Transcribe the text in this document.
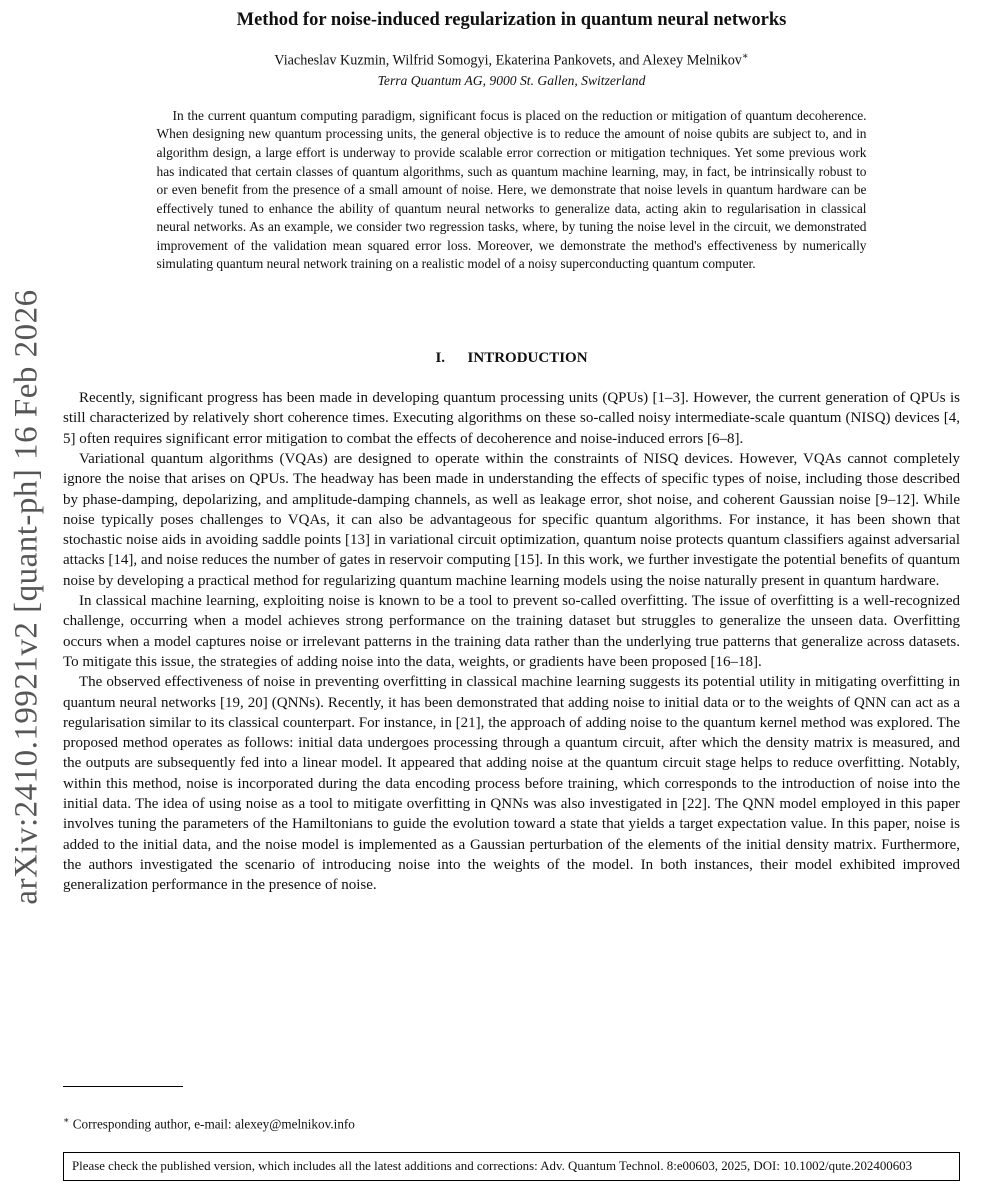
arXiv:2410.19921v2 [quant-ph] 16 Feb 2026
Method for noise-induced regularization in quantum neural networks
Viacheslav Kuzmin, Wilfrid Somogyi, Ekaterina Pankovets, and Alexey Melnikov∗
Terra Quantum AG, 9000 St. Gallen, Switzerland
In the current quantum computing paradigm, significant focus is placed on the reduction or mitigation of quantum decoherence. When designing new quantum processing units, the general objective is to reduce the amount of noise qubits are subject to, and in algorithm design, a large effort is underway to provide scalable error correction or mitigation techniques. Yet some previous work has indicated that certain classes of quantum algorithms, such as quantum machine learning, may, in fact, be intrinsically robust to or even benefit from the presence of a small amount of noise. Here, we demonstrate that noise levels in quantum hardware can be effectively tuned to enhance the ability of quantum neural networks to generalize data, acting akin to regularisation in classical neural networks. As an example, we consider two regression tasks, where, by tuning the noise level in the circuit, we demonstrated improvement of the validation mean squared error loss. Moreover, we demonstrate the method's effectiveness by numerically simulating quantum neural network training on a realistic model of a noisy superconducting quantum computer.
I. INTRODUCTION

Recently, significant progress has been made in developing quantum processing units (QPUs) [1–3]. However, the current generation of QPUs is still characterized by relatively short coherence times. Executing algorithms on these so-called noisy intermediate-scale quantum (NISQ) devices [4, 5] often requires significant error mitigation to combat the effects of decoherence and noise-induced errors [6–8].

Variational quantum algorithms (VQAs) are designed to operate within the constraints of NISQ devices. However, VQAs cannot completely ignore the noise that arises on QPUs. The headway has been made in understanding the effects of specific types of noise, including those described by phase-damping, depolarizing, and amplitude-damping channels, as well as leakage error, shot noise, and coherent Gaussian noise [9–12]. While noise typically poses challenges to VQAs, it can also be advantageous for specific quantum algorithms. For instance, it has been shown that stochastic noise aids in avoiding saddle points [13] in variational circuit optimization, quantum noise protects quantum classifiers against adversarial attacks [14], and noise reduces the number of gates in reservoir computing [15]. In this work, we further investigate the potential benefits of quantum noise by developing a practical method for regularizing quantum machine learning models using the noise naturally present in quantum hardware.

In classical machine learning, exploiting noise is known to be a tool to prevent so-called overfitting. The issue of overfitting is a well-recognized challenge, occurring when a model achieves strong performance on the training dataset but struggles to generalize the unseen data. Overfitting occurs when a model captures noise or irrelevant patterns in the training data rather than the underlying true patterns that generalize across datasets. To mitigate this issue, the strategies of adding noise into the data, weights, or gradients have been proposed [16–18].

The observed effectiveness of noise in preventing overfitting in classical machine learning suggests its potential utility in mitigating overfitting in quantum neural networks [19, 20] (QNNs). Recently, it has been demonstrated that adding noise to initial data or to the weights of QNN can act as a regularisation similar to its classical counterpart. For instance, in [21], the approach of adding noise to the quantum kernel method was explored. The proposed method operates as follows: initial data undergoes processing through a quantum circuit, after which the density matrix is measured, and the outputs are subsequently fed into a linear model. It appeared that adding noise at the quantum circuit stage helps to reduce overfitting. Notably, within this method, noise is incorporated during the data encoding process before training, which corresponds to the introduction of noise into the initial data. The idea of using noise as a tool to mitigate overfitting in QNNs was also investigated in [22]. The QNN model employed in this paper involves tuning the parameters of the Hamiltonians to guide the evolution toward a state that yields a target expectation value. In this paper, noise is added to the initial data, and the noise model is implemented as a Gaussian perturbation of the elements of the initial density matrix. Furthermore, the authors investigated the scenario of introducing noise into the weights of the model. In both instances, their model exhibited improved generalization performance in the presence of noise.

∗ Corresponding author, e-mail: alexey@melnikov.info
Please check the published version, which includes all the latest additions and corrections: Adv. Quantum Technol. 8:e00603, 2025, DOI: 10.1002/qute.202400603
